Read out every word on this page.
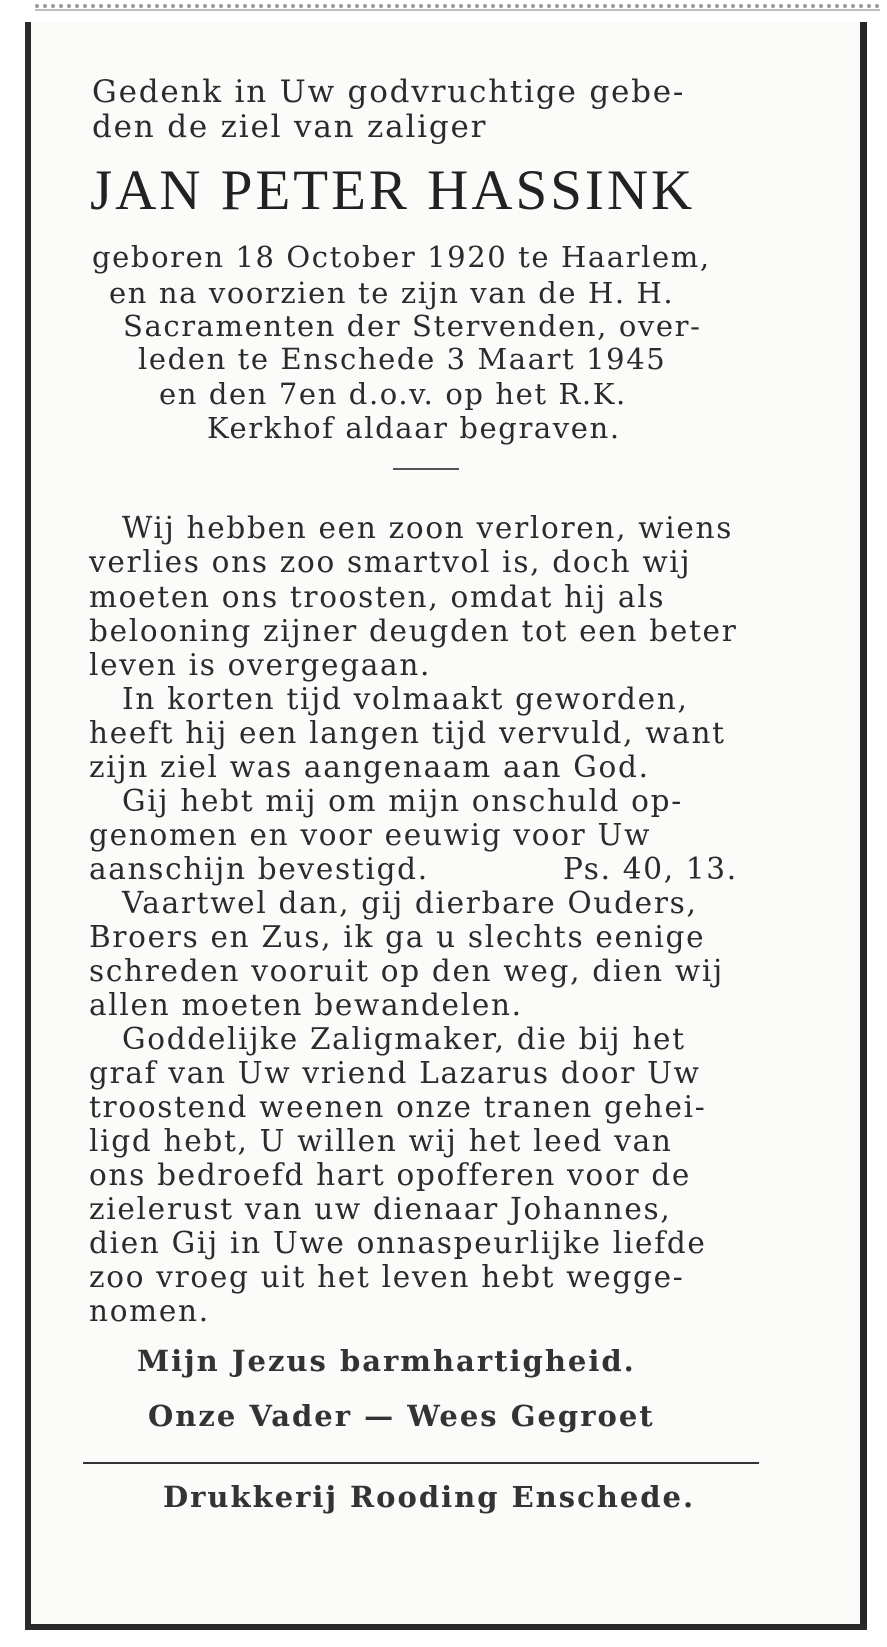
Gedenk in Uw godvruchtige gebe-
den de ziel van zaliger
JAN PETER HASSINK
geboren 18 October 1920 te Haarlem,
en na voorzien te zijn van de H. H.
Sacramenten der Stervenden, over-
leden te Enschede 3 Maart 1945
en den 7en d.o.v. op het R.K.
Kerkhof aldaar begraven.
Wij hebben een zoon verloren, wiens
verlies ons zoo smartvol is, doch wij
moeten ons troosten, omdat hij als
belooning zijner deugden tot een beter
leven is overgegaan.
In korten tijd volmaakt geworden,
heeft hij een langen tijd vervuld, want
zijn ziel was aangenaam aan God.
Gij hebt mij om mijn onschuld op-
genomen en voor eeuwig voor Uw
aanschijn bevestigd.	Ps. 40, 13.
Vaartwel dan, gij dierbare Ouders,
Broers en Zus, ik ga u slechts eenige
schreden vooruit op den weg, dien wij
allen moeten bewandelen.
Goddelijke Zaligmaker, die bij het
graf van Uw vriend Lazarus door Uw
troostend weenen onze tranen gehei-
ligd hebt, U willen wij het leed van
ons bedroefd hart opofferen voor de
zielerust van uw dienaar Johannes,
dien Gij in Uwe onnaspeurlijke liefde
zoo vroeg uit het leven hebt wegge-
nomen.
Mijn Jezus barmhartigheid.
Onze Vader — Wees Gegroet
Drukkerij Rooding Enschede.
